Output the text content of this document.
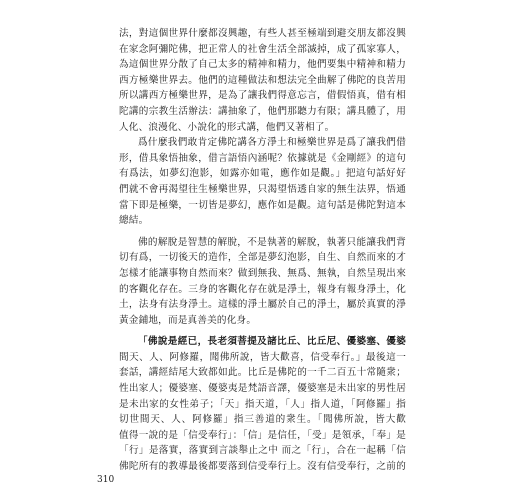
法，對這個世界什麼都沒興趣，有些人甚至極端到避交朋友都沒興
在家念阿彌陀佛，把正常人的社會生活全部滅掉，成了孤家寡人，
為這個世界分散了自己太多的精神和精力，他們要集中精神和精力
西方極樂世界去。他們的這種做法和想法完全曲解了佛陀的良苦用
所以講西方極樂世界，是為了讓我們得意忘言，借假悟真，借有相
陀講的宗教生活辦法：講抽象了，他們那聽力有限；講具體了，用
人化、浪漫化、小說化的形式講，他們又著相了。
爲什麼我們敢肯定佛陀講各方淨土和極樂世界是爲了讓我們借
形，借具象悟抽象，借言語悟內涵呢？依據就是《金剛經》的這句
有爲法，如夢幻泡影，如露亦如電，應作如是觀。」把這句話好好
們就不會再渴望往生極樂世界，只渴望悟透自家的無生法界，悟通
當下即是極樂，一切皆是夢幻，應作如是觀。這句話是佛陀對這本
總結。
佛的解脫是智慧的解脫，不是執著的解脫，執著只能讓我們背
切有爲，一切後天的造作，全部是夢幻泡影，自生、自然而來的才
怎樣才能讓事物自然而來？做到無我、無爲、無執，自然呈現出來
的客觀化存在。三身的客觀化存在就是淨土，報身有報身淨土，化
土，法身有法身淨土。這樣的淨土屬於自己的淨土，屬於真實的淨
黃金鋪地，而是真善美的化身。
「佛說是經已，長老須菩提及諸比丘、比丘尼、優婆塞、優婆
間天、人、阿修羅，聞佛所說，皆大歡喜，信受奉行。」最後這一
套話，講經結尾大致都如此。比丘是佛陀的一千二百五十常隨衆；
性出家人；優婆塞、優婆夷是梵語音譯，優婆塞是未出家的男性居
是未出家的女性弟子；「天」指天道，「人」指人道，「阿修羅」指
切世間天、人、阿修羅」指三善道的衆生。「聞佛所說，皆大歡
值得一說的是「信受奉行」：「信」是信任，「受」是領承，「奉」是
「行」是落實，落實到言談舉止之中 而之「行」，合在一起稱「信
佛陀所有的教導最後都要落到信受奉行上。沒有信受奉行，之前的
310
